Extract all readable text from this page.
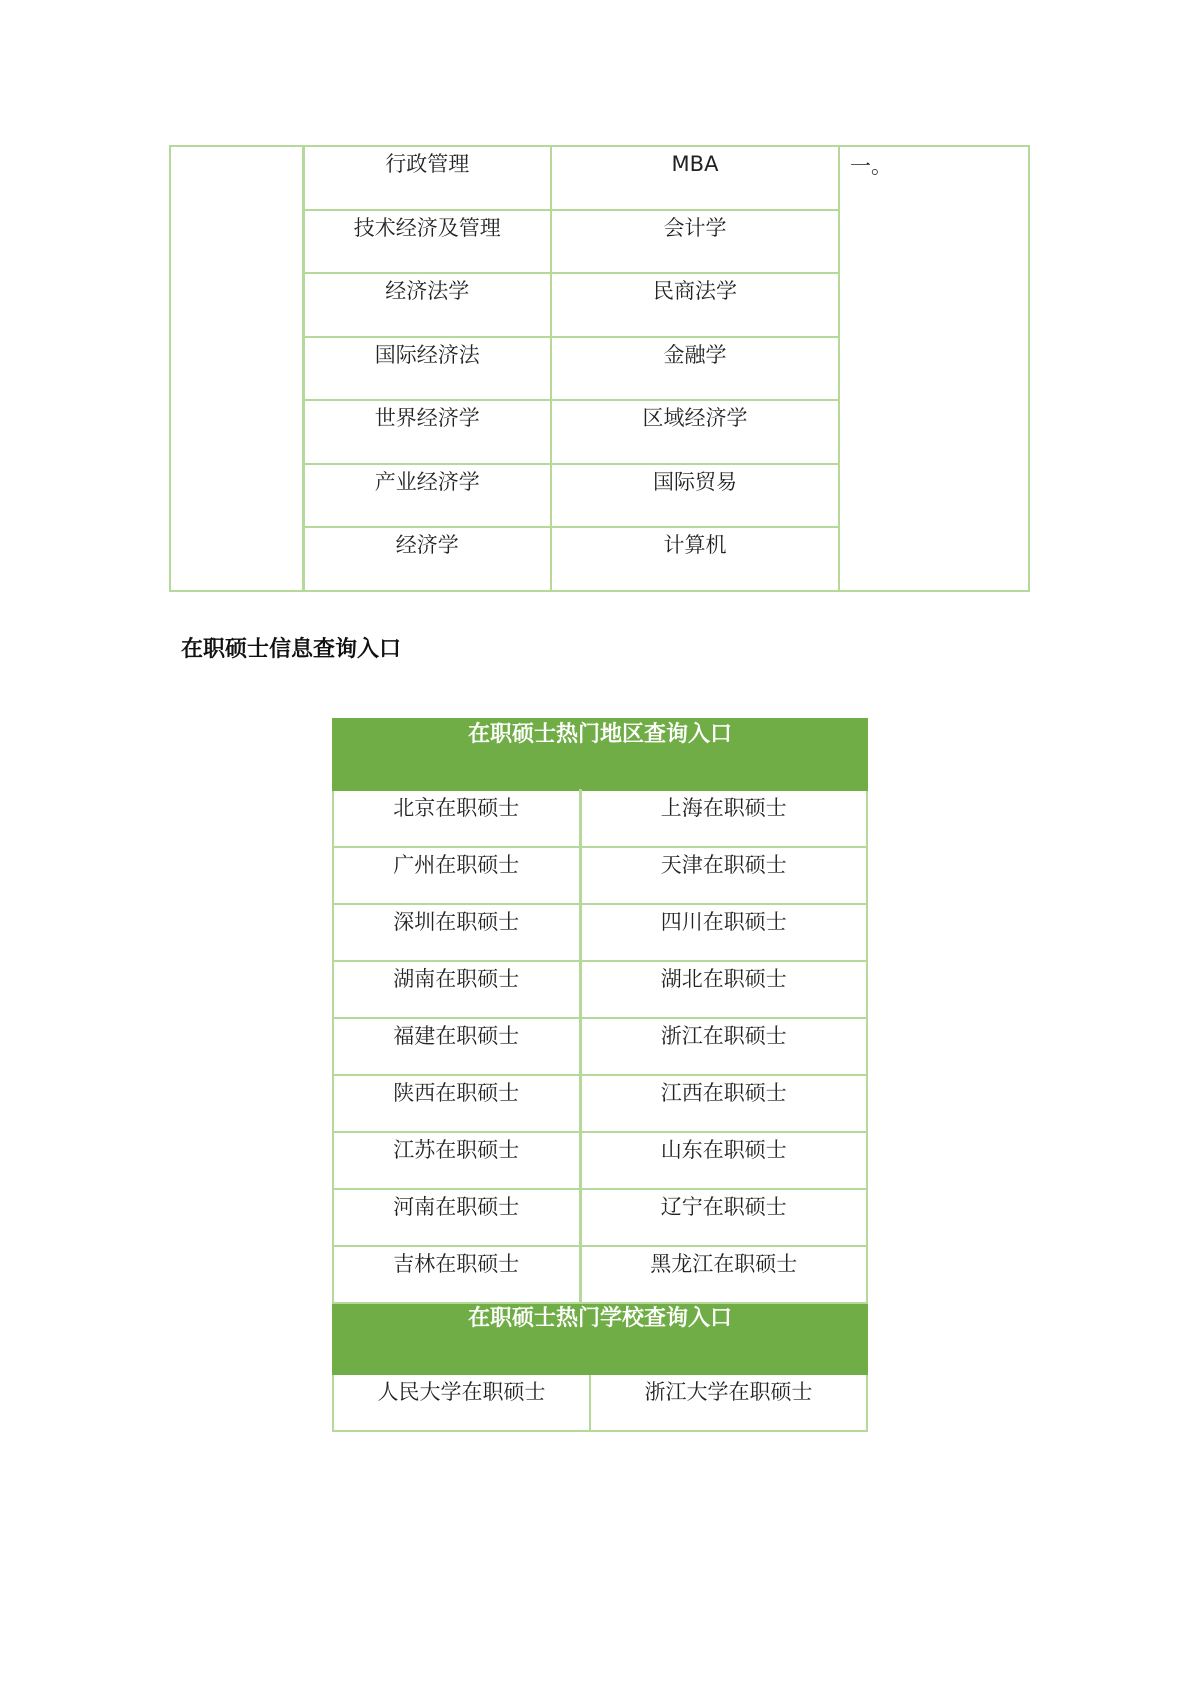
	行政管理	MBA	一。
	技术经济及管理	会计学	
	经济法学	民商法学	
	国际经济法	金融学	
	世界经济学	区域经济学	
	产业经济学	国际贸易	
	经济学	计算机	
在职硕士信息查询入口
在职硕士热门地区查询入口		
北京在职硕士	上海在职硕士	
广州在职硕士	天津在职硕士	
深圳在职硕士	四川在职硕士	
湖南在职硕士	湖北在职硕士	
福建在职硕士	浙江在职硕士	
陕西在职硕士	江西在职硕士	
江苏在职硕士	山东在职硕士	
河南在职硕士	辽宁在职硕士	
吉林在职硕士	黑龙江在职硕士	
在职硕士热门学校查询入口		
人民大学在职硕士		浙江大学在职硕士
